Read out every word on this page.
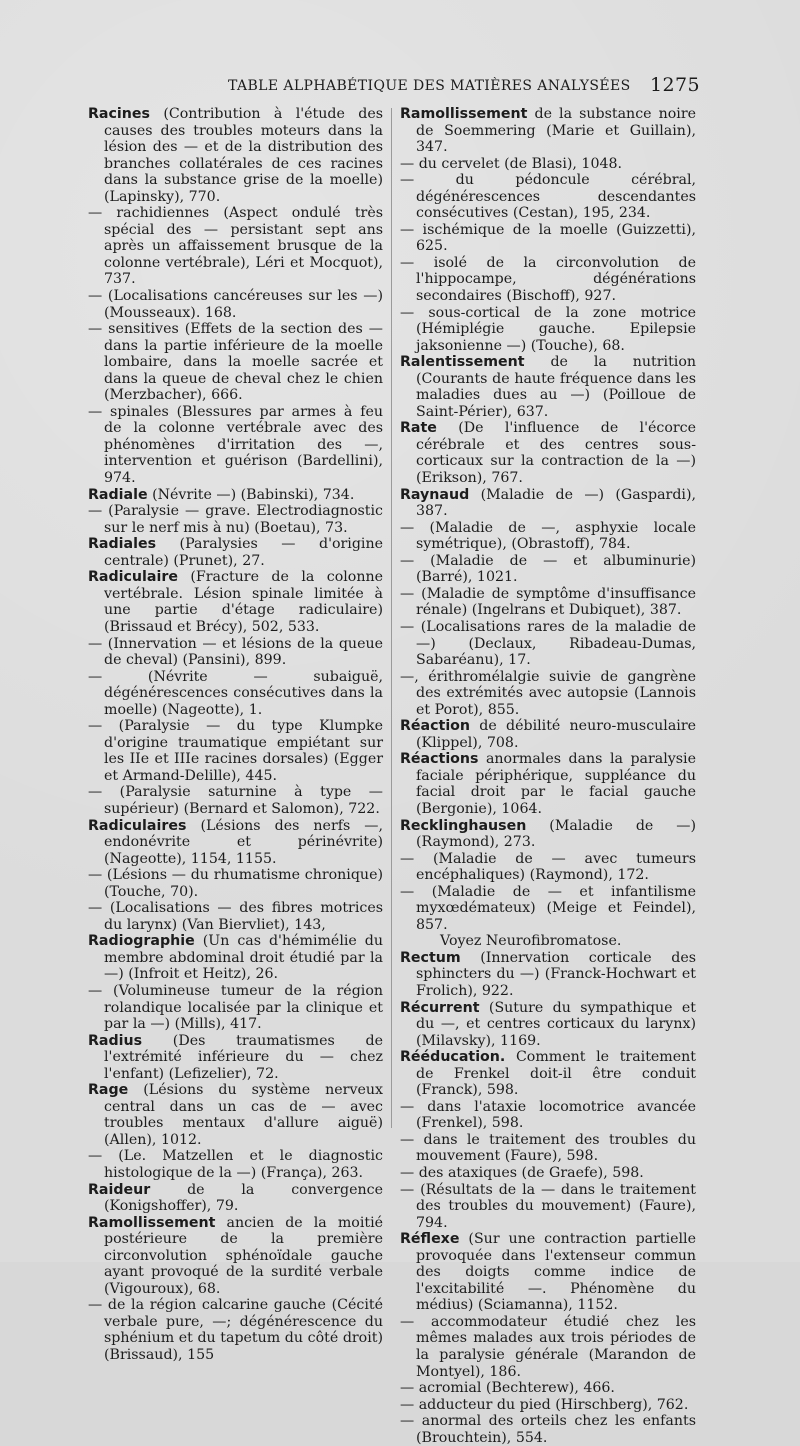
TABLE ALPHABÉTIQUE DES MATIÈRES ANALYSÉES 1275

Racines (Contribution à l'étude des causes des troubles moteurs dans la lésion des — et de la distribution des branches collatérales de ces racines dans la substance grise de la moelle) (Lapinsky), 770.

— rachidiennes (Aspect ondulé très spécial des — persistant sept ans après un affaissement brusque de la colonne vertébrale), Léri et Mocquot), 737.

— (Localisations cancéreuses sur les —) (Mousseaux). 168.

— sensitives (Effets de la section des — dans la partie inférieure de la moelle lombaire, dans la moelle sacrée et dans la queue de cheval chez le chien (Merzbacher), 666.

— spinales (Blessures par armes à feu de la colonne vertébrale avec des phénomènes d'irritation des —, intervention et guérison (Bardellini), 974.

Radiale (Névrite —) (Babinski), 734.

— (Paralysie — grave. Electrodiagnostic sur le nerf mis à nu) (Boetau), 73.

Radiales (Paralysies — d'origine centrale) (Prunet), 27.

Radiculaire (Fracture de la colonne vertébrale. Lésion spinale limitée à une partie d'étage radiculaire) (Brissaud et Brécy), 502, 533.

— (Innervation — et lésions de la queue de cheval) (Pansini), 899.

— (Névrite — subaiguë, dégénérescences consécutives dans la moelle) (Nageotte), 1.

— (Paralysie — du type Klumpke d'origine traumatique empiétant sur les IIe et IIIe racines dorsales) (Egger et Armand-Delille), 445.

— (Paralysie saturnine à type — supérieur) (Bernard et Salomon), 722.

Radiculaires (Lésions des nerfs —, endonévrite et périnévrite) (Nageotte), 1154, 1155.

— (Lésions — du rhumatisme chronique) (Touche, 70).

— (Localisations — des fibres motrices du larynx) (Van Biervliet), 143,

Radiographie (Un cas d'hémimélie du membre abdominal droit étudié par la —) (Infroit et Heitz), 26.

— (Volumineuse tumeur de la région rolandique localisée par la clinique et par la —) (Mills), 417.

Radius (Des traumatismes de l'extrémité inférieure du — chez l'enfant) (Lefizelier), 72.

Rage (Lésions du système nerveux central dans un cas de — avec troubles mentaux d'allure aiguë) (Allen), 1012.

— (Le. Matzellen et le diagnostic histologique de la —) (França), 263.

Raideur de la convergence (Konigshoffer), 79.

Ramollissement ancien de la moitié postérieure de la première circonvolution sphénoïdale gauche ayant provoqué de la surdité verbale (Vigouroux), 68.

— de la région calcarine gauche (Cécité verbale pure, —; dégénérescence du sphénium et du tapetum du côté droit) (Brissaud), 155

Ramollissement de la substance noire de Soemmering (Marie et Guillain), 347.

— du cervelet (de Blasi), 1048.

— du pédoncule cérébral, dégénérescences descendantes consécutives (Cestan), 195, 234.

— ischémique de la moelle (Guizzetti), 625.

— isolé de la circonvolution de l'hippocampe, dégénérations secondaires (Bischoff), 927.

— sous-cortical de la zone motrice (Hémiplégie gauche. Epilepsie jaksonienne —) (Touche), 68.

Ralentissement de la nutrition (Courants de haute fréquence dans les maladies dues au —) (Poilloue de Saint-Périer), 637.

Rate (De l'influence de l'écorce cérébrale et des centres sous-corticaux sur la contraction de la —) (Erikson), 767.

Raynaud (Maladie de —) (Gaspardi), 387.

— (Maladie de —, asphyxie locale symétrique), (Obrastoff), 784.

— (Maladie de — et albuminurie) (Barré), 1021.

— (Maladie de symptôme d'insuffisance rénale) (Ingelrans et Dubiquet), 387.

— (Localisations rares de la maladie de —) (Declaux, Ribadeau-Dumas, Sabaréanu), 17.

—, érithromélalgie suivie de gangrène des extrémités avec autopsie (Lannois et Porot), 855.

Réaction de débilité neuro-musculaire (Klippel), 708.

Réactions anormales dans la paralysie faciale périphérique, suppléance du facial droit par le facial gauche (Bergonie), 1064.

Recklinghausen (Maladie de —) (Raymond), 273.

— (Maladie de — avec tumeurs encéphaliques) (Raymond), 172.

— (Maladie de — et infantilisme myxœdémateux) (Meige et Feindel), 857.

Voyez Neurofibromatose.

Rectum (Innervation corticale des sphincters du —) (Franck-Hochwart et Frolich), 922.

Récurrent (Suture du sympathique et du —, et centres corticaux du larynx) (Milavsky), 1169.

Rééducation. Comment le traitement de Frenkel doit-il être conduit (Franck), 598.

— dans l'ataxie locomotrice avancée (Frenkel), 598.

— dans le traitement des troubles du mouvement (Faure), 598.

— des ataxiques (de Graefe), 598.

— (Résultats de la — dans le traitement des troubles du mouvement) (Faure), 794.

Réflexe (Sur une contraction partielle provoquée dans l'extenseur commun des doigts comme indice de l'excitabilité —. Phénomène du médius) (Sciamanna), 1152.

— accommodateur étudié chez les mêmes malades aux trois périodes de la paralysie générale (Marandon de Montyel), 186.

— acromial (Bechterew), 466.

— adducteur du pied (Hirschberg), 762.

— anormal des orteils chez les enfants (Brouchtein), 554.
